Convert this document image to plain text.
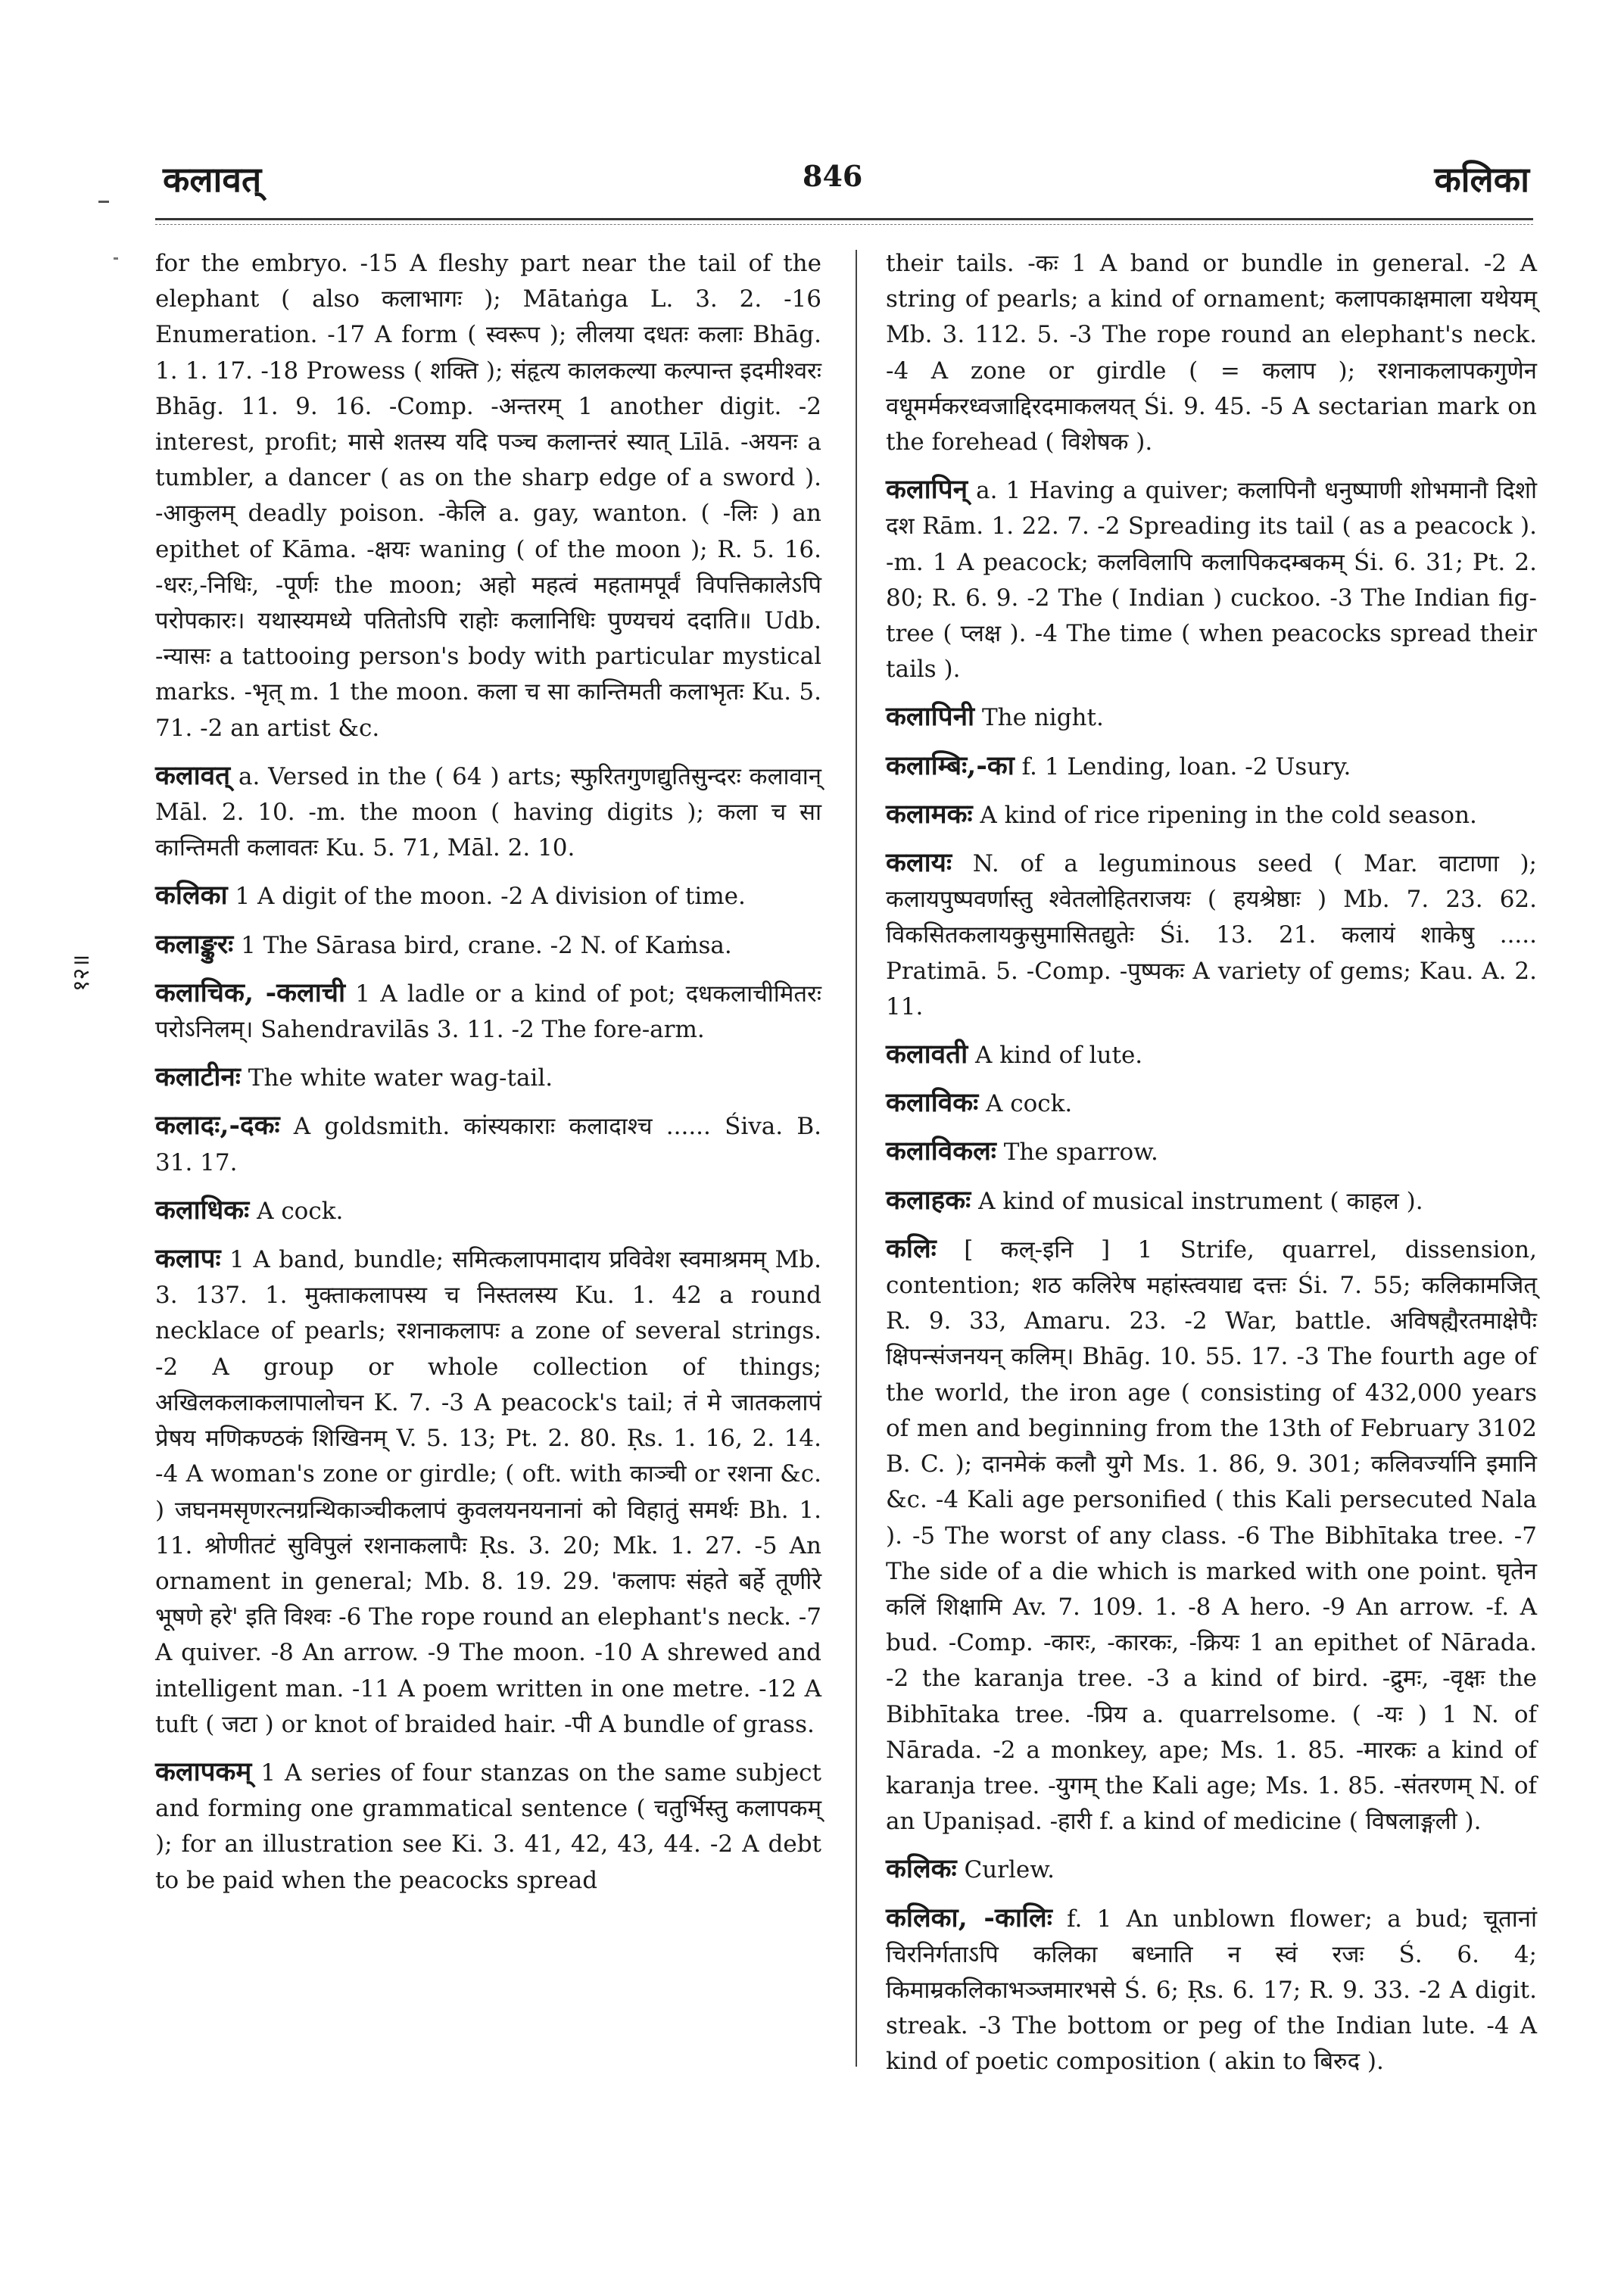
कलावत्	846	कलिका
१२॥

for the embryo. -15 A fleshy part near the tail of the elephant ( also कलाभागः ); Mātaṅga L. 3. 2. -16 Enumeration. -17 A form ( स्वरूप ); लीलया दधतः कलाः Bhāg. 1. 1. 17. -18 Prowess ( शक्ति ); संहृत्य कालकल्या कल्पान्त इदमीश्वरः Bhāg. 11. 9. 16. -Comp. -अन्तरम् 1 another digit. -2 interest, profit; मासे शतस्य यदि पञ्च कलान्तरं स्यात् Līlā. -अयनः a tumbler, a dancer ( as on the sharp edge of a sword ). -आकुलम् deadly poison. -केलि a. gay, wanton. ( -लिः ) an epithet of Kāma. -क्षयः waning ( of the moon ); R. 5. 16. -धरः,-निधिः, -पूर्णः the moon; अहो महत्वं महतामपूर्वं विपत्तिकालेऽपि परोपकारः। यथास्यमध्ये पतितोऽपि राहोः कलानिधिः पुण्यचयं ददाति॥ Udb. -न्यासः a tattooing person's body with particular mystical marks. -भृत् m. 1 the moon. कला च सा कान्तिमती कलाभृतः Ku. 5. 71. -2 an artist &c.

कलावत् a. Versed in the ( 64 ) arts; स्फुरितगुणद्युतिसुन्दरः कलावान् Māl. 2. 10. -m. the moon ( having digits ); कला च सा कान्तिमती कलावतः Ku. 5. 71, Māl. 2. 10.

कलिका 1 A digit of the moon. -2 A division of time.

कलाङ्कुरः 1 The Sārasa bird, crane. -2 N. of Kaṁsa.

कलाचिक, -कलाची 1 A ladle or a kind of pot; दधकलाचीमितरः परोऽनिलम्। Sahendravilās 3. 11. -2 The fore-arm.

कलाटीनः The white water wag-tail.

कलादः,-दकः A goldsmith. कांस्यकाराः कलादाश्च ...... Śiva. B. 31. 17.

कलाधिकः A cock.

कलापः 1 A band, bundle; समित्कलापमादाय प्रविवेश स्वमाश्रमम् Mb. 3. 137. 1. मुक्ताकलापस्य च निस्तलस्य Ku. 1. 42 a round necklace of pearls; रशनाकलापः a zone of several strings. -2 A group or whole collection of things; अखिलकलाकलापालोचन K. 7. -3 A peacock's tail; तं मे जातकलापं प्रेषय मणिकण्ठकं शिखिनम् V. 5. 13; Pt. 2. 80. Ṛs. 1. 16, 2. 14. -4 A woman's zone or girdle; ( oft. with काञ्ची or रशना &c. ) जघनमसृणरत्नग्रन्थिकाञ्चीकलापं कुवलयनयनानां को विहातुं समर्थः Bh. 1. 11. श्रोणीतटं सुविपुलं रशनाकलापैः Ṛs. 3. 20; Mk. 1. 27. -5 An ornament in general; Mb. 8. 19. 29. 'कलापः संहते बर्हे तूणीरे भूषणे हरे' इति विश्वः -6 The rope round an elephant's neck. -7 A quiver. -8 An arrow. -9 The moon. -10 A shrewed and intelligent man. -11 A poem written in one metre. -12 A tuft ( जटा ) or knot of braided hair. -पी A bundle of grass.

कलापकम् 1 A series of four stanzas on the same subject and forming one grammatical sentence ( चतुर्भिस्तु कलापकम् ); for an illustration see Ki. 3. 41, 42, 43, 44. -2 A debt to be paid when the peacocks spread

their tails. -कः 1 A band or bundle in general. -2 A string of pearls; a kind of ornament; कलापकाक्षमाला यथेयम् Mb. 3. 112. 5. -3 The rope round an elephant's neck. -4 A zone or girdle ( = कलाप ); रशनाकलापकगुणेन वधूमर्मकरध्वजाद्दिरदमाकलयत् Śi. 9. 45. -5 A sectarian mark on the forehead ( विशेषक ).

कलापिन् a. 1 Having a quiver; कलापिनौ धनुष्पाणी शोभमानौ दिशो दश Rām. 1. 22. 7. -2 Spreading its tail ( as a peacock ). -m. 1 A peacock; कलविलापि कलापिकदम्बकम् Śi. 6. 31; Pt. 2. 80; R. 6. 9. -2 The ( Indian ) cuckoo. -3 The Indian fig-tree ( प्लक्ष ). -4 The time ( when peacocks spread their tails ).

कलापिनी The night.

कलाम्बिः,-का f. 1 Lending, loan. -2 Usury.

कलामकः A kind of rice ripening in the cold season.

कलायः N. of a leguminous seed ( Mar. वाटाणा ); कलायपुष्पवर्णास्तु श्वेतलोहितराजयः ( हयश्रेष्ठाः ) Mb. 7. 23. 62. विकसितकलायकुसुमासितद्युतेः Śi. 13. 21. कलायं शाकेषु ..... Pratimā. 5. -Comp. -पुष्पकः A variety of gems; Kau. A. 2. 11.

कलावती A kind of lute.

कलाविकः A cock.

कलाविकलः The sparrow.

कलाहकः A kind of musical instrument ( काहल ).

कलिः [ कल्-इनि ] 1 Strife, quarrel, dissension, contention; शठ कलिरेष महांस्त्वयाद्य दत्तः Śi. 7. 55; कलिकामजित् R. 9. 33, Amaru. 23. -2 War, battle. अविषह्यैरतमाक्षेपैः क्षिपन्संजनयन् कलिम्। Bhāg. 10. 55. 17. -3 The fourth age of the world, the iron age ( consisting of 432,000 years of men and beginning from the 13th of February 3102 B. C. ); दानमेकं कलौ युगे Ms. 1. 86, 9. 301; कलिवर्ज्यानि इमानि &c. -4 Kali age personified ( this Kali persecuted Nala ). -5 The worst of any class. -6 The Bibhītaka tree. -7 The side of a die which is marked with one point. घृतेन कलिं शिक्षामि Av. 7. 109. 1. -8 A hero. -9 An arrow. -f. A bud. -Comp. -कारः, -कारकः, -क्रियः 1 an epithet of Nārada. -2 the karanja tree. -3 a kind of bird. -द्रुमः, -वृक्षः the Bibhītaka tree. -प्रिय a. quarrelsome. ( -यः ) 1 N. of Nārada. -2 a monkey, ape; Ms. 1. 85. -मारकः a kind of karanja tree. -युगम् the Kali age; Ms. 1. 85. -संतरणम् N. of an Upaniṣad. -हारी f. a kind of medicine ( विषलाङ्गली ).

कलिकः Curlew.

कलिका, -कालिः f. 1 An unblown flower; a bud; चूतानां चिरनिर्गताऽपि कलिका बध्नाति न स्वं रजः Ś. 6. 4; किमाम्रकलिकाभञ्जमारभसे Ś. 6; Ṛs. 6. 17; R. 9. 33. -2 A digit. streak. -3 The bottom or peg of the Indian lute. -4 A kind of poetic composition ( akin to बिरुद ).
